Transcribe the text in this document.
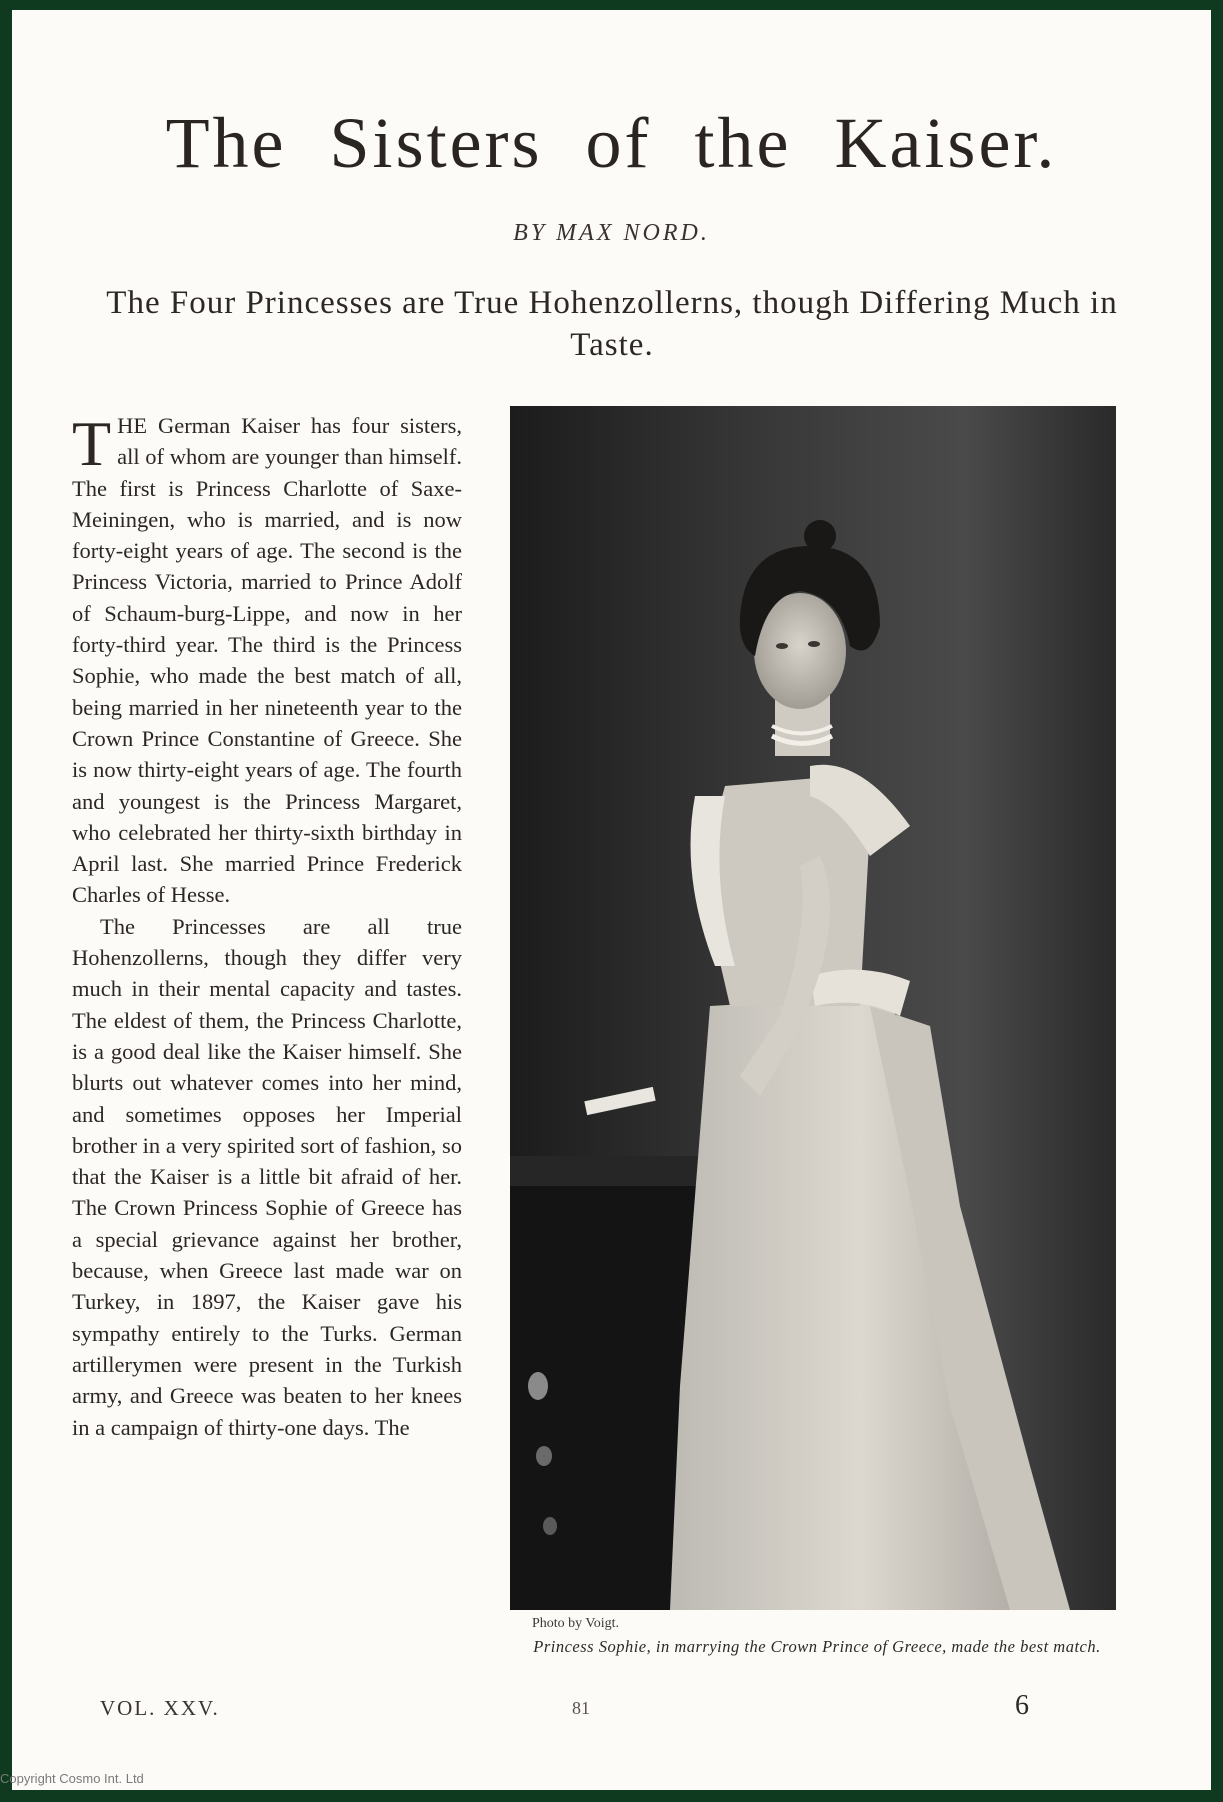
The Sisters of the Kaiser.
BY MAX NORD.
The Four Princesses are True Hohenzollerns, though Differing Much in Taste.

THE German Kaiser has four sisters, all of whom are younger than himself. The first is Princess Charlotte of Saxe-Meiningen, who is married, and is now forty-eight years of age. The second is the Princess Victoria, married to Prince Adolf of Schaum-burg-Lippe, and now in her forty-third year. The third is the Princess Sophie, who made the best match of all, being married in her nineteenth year to the Crown Prince Constantine of Greece. She is now thirty-eight years of age. The fourth and youngest is the Princess Margaret, who celebrated her thirty-sixth birthday in April last. She married Prince Frederick Charles of Hesse.

The Princesses are all true Hohenzollerns, though they differ very much in their mental capacity and tastes. The eldest of them, the Princess Charlotte, is a good deal like the Kaiser himself. She blurts out whatever comes into her mind, and sometimes opposes her Imperial brother in a very spirited sort of fashion, so that the Kaiser is a little bit afraid of her. The Crown Princess Sophie of Greece has a special grievance against her brother, because, when Greece last made war on Turkey, in 1897, the Kaiser gave his sympathy entirely to the Turks. German artillerymen were present in the Turkish army, and Greece was beaten to her knees in a campaign of thirty-one days. The

Photo by Voigt.
Princess Sophie, in marrying the Crown Prince of Greece, made the best match.
VOL. XXV.	81	6
Copyright Cosmo Int. Ltd
